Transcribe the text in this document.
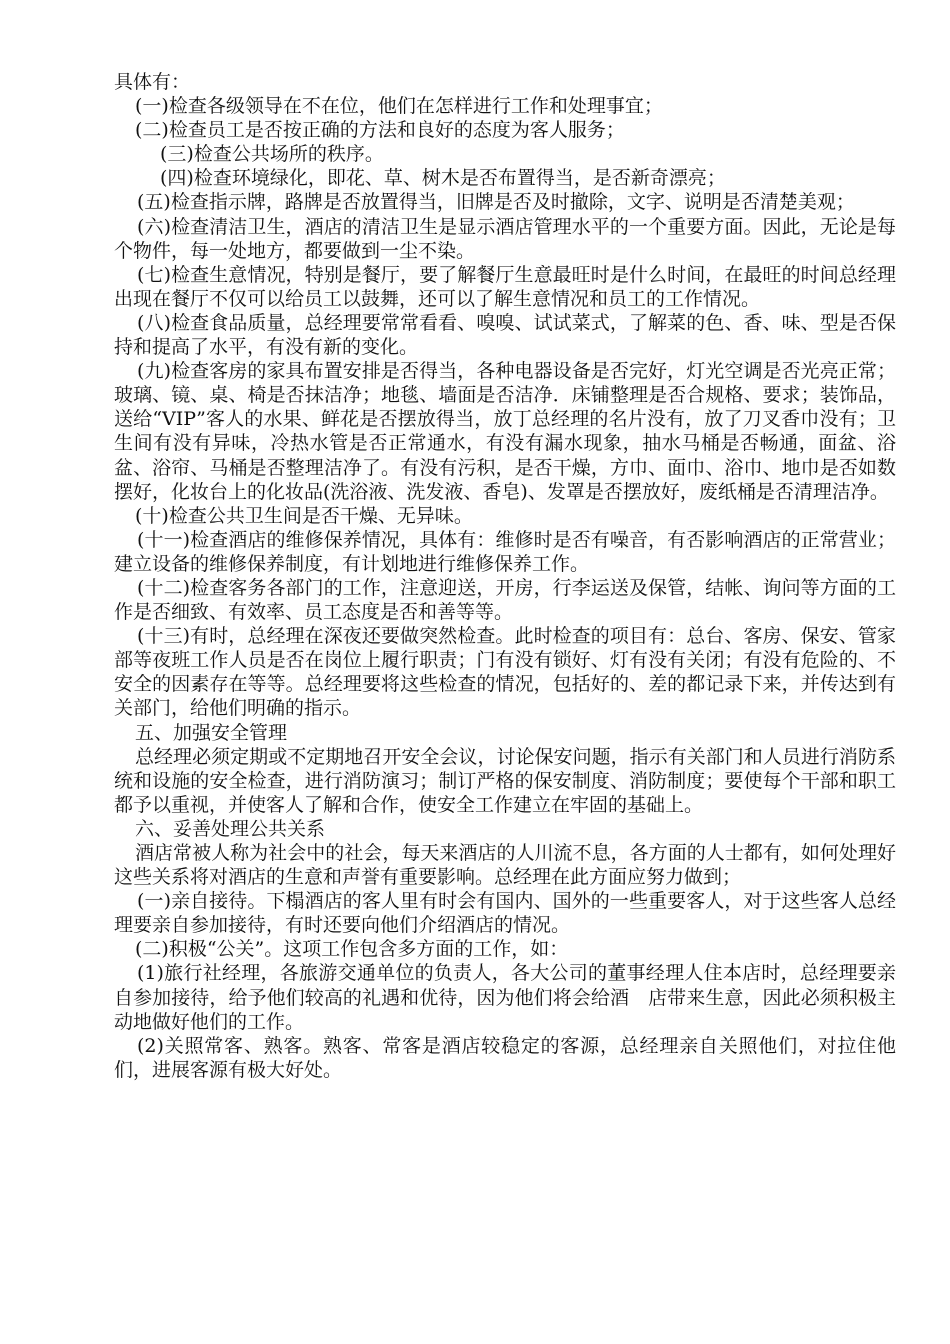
具体有：

(一)检查各级领导在不在位，他们在怎样进行工作和处理事宜；

(二)检查员工是否按正确的方法和良好的态度为客人服务；

(三)检查公共场所的秩序。

(四)检查环境绿化，即花、草、树木是否布置得当，是否新奇漂亮；

(五)检查指示牌，路牌是否放置得当，旧牌是否及时撤除，文字、说明是否清楚美观；

(六)检查清洁卫生，酒店的清洁卫生是显示酒店管理水平的一个重要方面。因此，无论是每个物件，每一处地方，都要做到一尘不染。

(七)检查生意情况，特别是餐厅，要了解餐厅生意最旺时是什么时间，在最旺的时间总经理出现在餐厅不仅可以给员工以鼓舞，还可以了解生意情况和员工的工作情况。

(八)检查食品质量，总经理要常常看看、嗅嗅、试试菜式，了解菜的色、香、味、型是否保持和提高了水平，有没有新的变化。

(九)检查客房的家具布置安排是否得当，各种电器设备是否完好，灯光空调是否光亮正常；玻璃、镜、桌、椅是否抹洁净；地毯、墙面是否洁净．床铺整理是否合规格、要求；装饰品，送给“VIP”客人的水果、鲜花是否摆放得当，放丁总经理的名片没有，放了刀叉香巾没有；卫生间有没有异味，冷热水管是否正常通水，有没有漏水现象，抽水马桶是否畅通，面盆、浴盆、浴帘、马桶是否整理洁净了。有没有污积，是否干燥，方巾、面巾、浴巾、地巾是否如数摆好，化妆台上的化妆品(洗浴液、洗发液、香皂)、发罩是否摆放好，废纸桶是否清理洁净。

(十)检查公共卫生间是否干燥、无异味。

(十一)检查酒店的维修保养情况，具体有：维修时是否有噪音，有否影响酒店的正常营业；建立设备的维修保养制度，有计划地进行维修保养工作。

(十二)检查客务各部门的工作，注意迎送，开房，行李运送及保管，结帐、询问等方面的工作是否细致、有效率、员工态度是否和善等等。

(十三)有时，总经理在深夜还要做突然检查。此时检查的项目有：总台、客房、保安、管家部等夜班工作人员是否在岗位上履行职责；门有没有锁好、灯有没有关闭；有没有危险的、不安全的因素存在等等。总经理要将这些检查的情况，包括好的、差的都记录下来，并传达到有关部门，给他们明确的指示。

五、加强安全管理

总经理必须定期或不定期地召开安全会议，讨论保安问题，指示有关部门和人员进行消防系统和设施的安全检查，进行消防演习；制订严格的保安制度、消防制度；要使每个干部和职工都予以重视，并使客人了解和合作，使安全工作建立在牢固的基础上。

六、妥善处理公共关系

酒店常被人称为社会中的社会，每天来酒店的人川流不息，各方面的人士都有，如何处理好这些关系将对酒店的生意和声誉有重要影响。总经理在此方面应努力做到；

(一)亲自接待。下榻酒店的客人里有时会有国内、国外的一些重要客人，对于这些客人总经理要亲自参加接待，有时还要向他们介绍酒店的情况。

(二)积极“公关”。这项工作包含多方面的工作，如：

(1)旅行社经理，各旅游交通单位的负责人，各大公司的董事经理人住本店时，总经理要亲自参加接待，给予他们较高的礼遇和优待，因为他们将会给酒　店带来生意，因此必须积极主动地做好他们的工作。

(2)关照常客、熟客。熟客、常客是酒店较稳定的客源，总经理亲自关照他们，对拉住他们，进展客源有极大好处。
